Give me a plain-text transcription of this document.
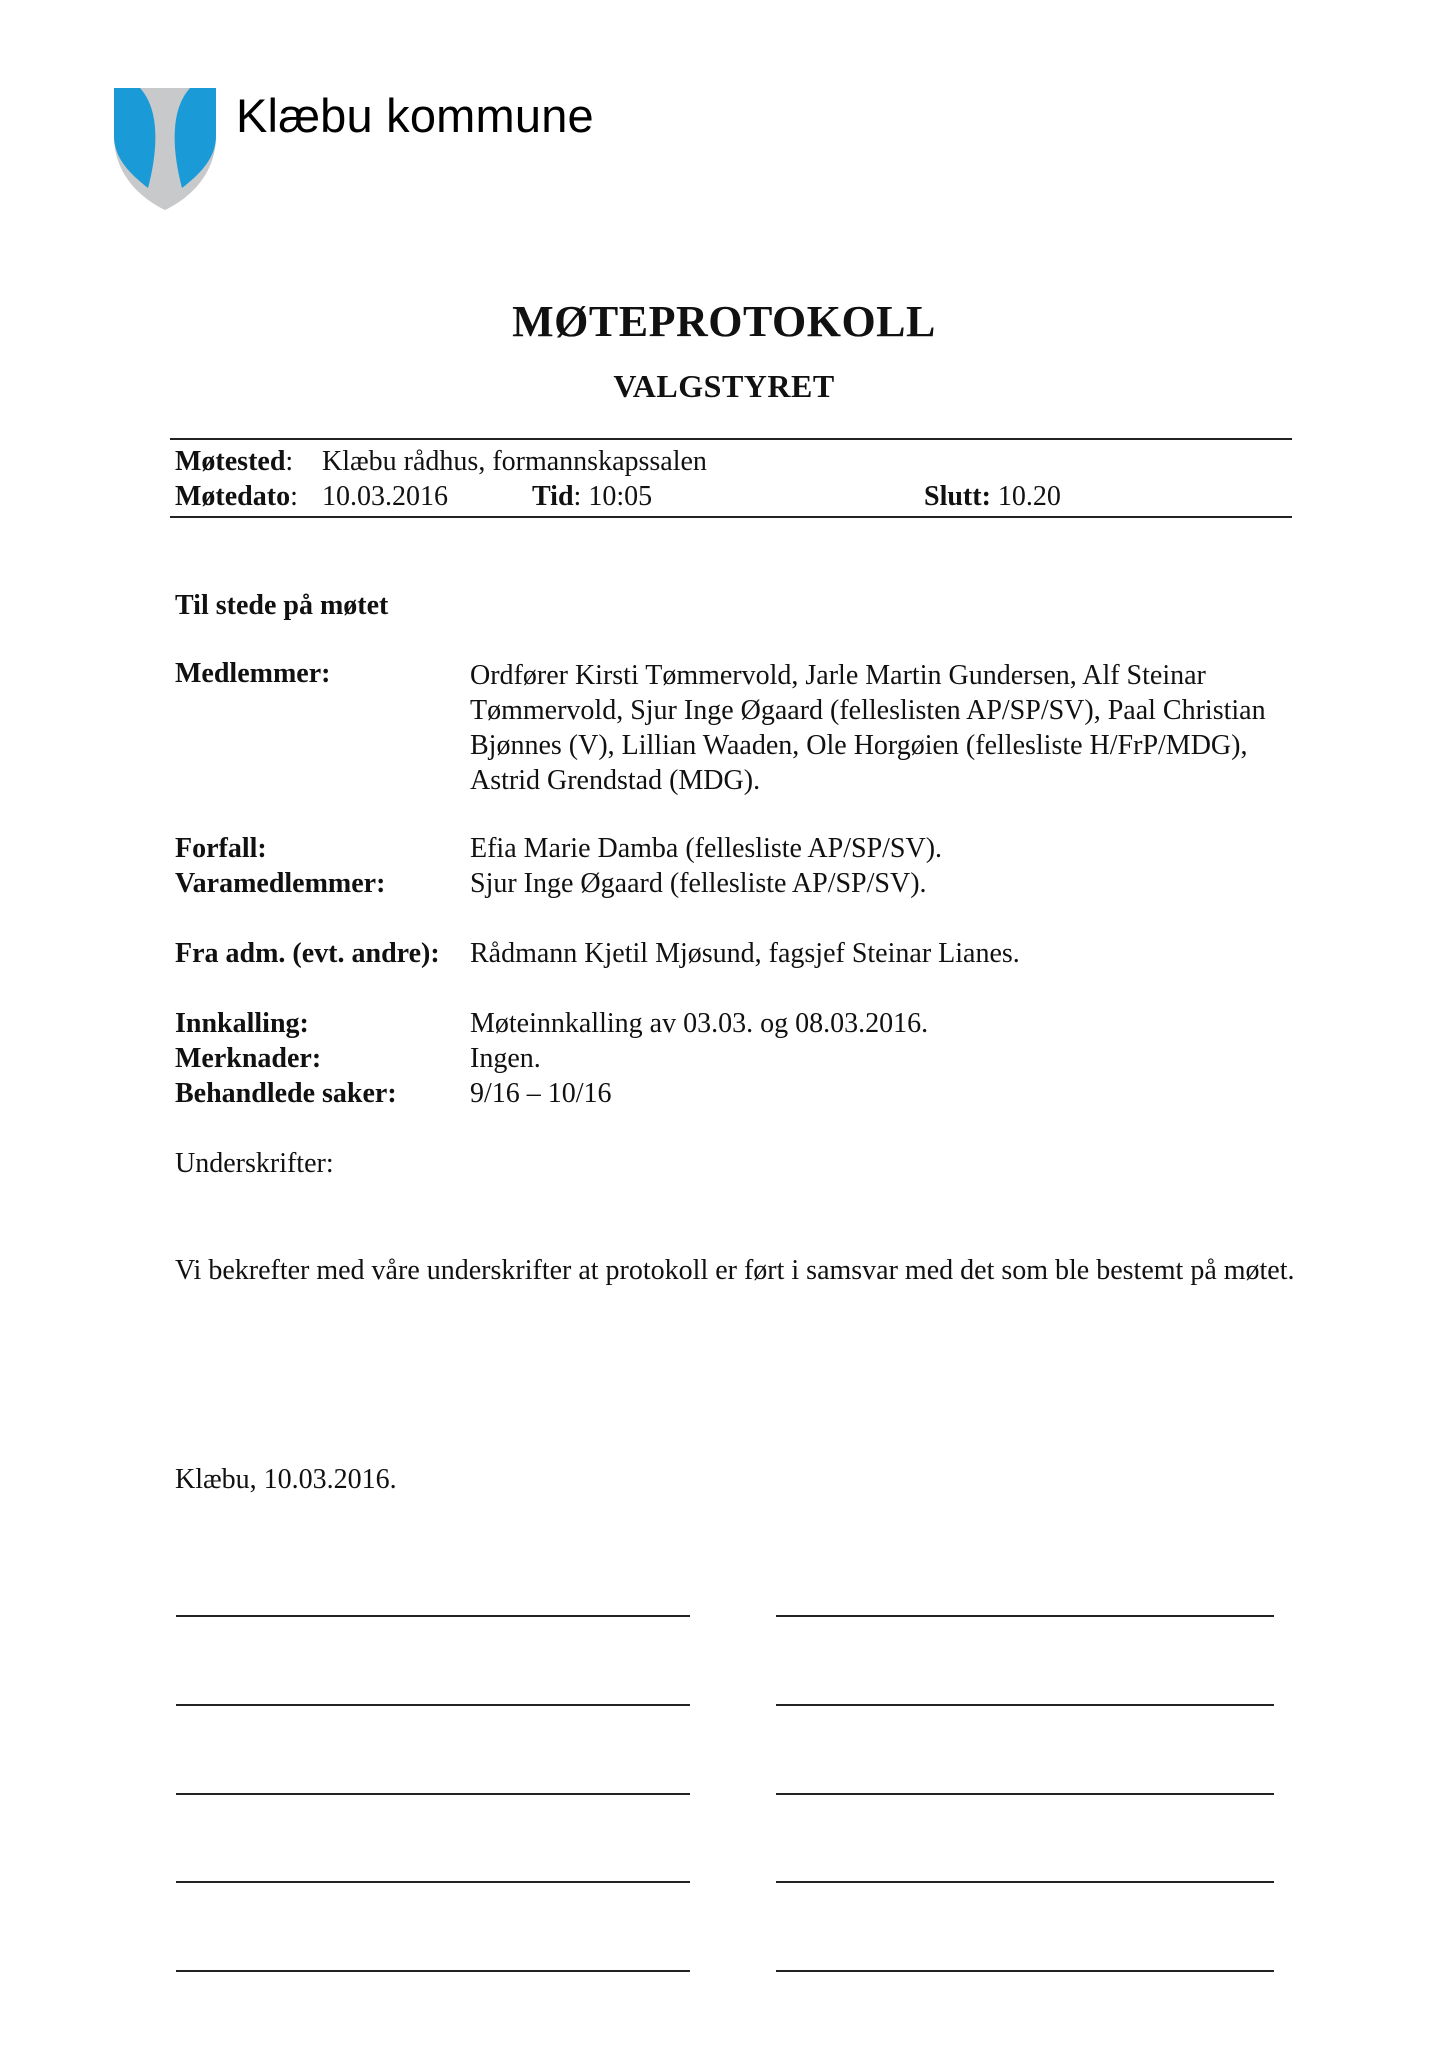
Klæbu kommune
MØTEPROTOKOLL
VALGSTYRET
Møtested: Klæbu rådhus, formannskapssalen
Møtedato: 10.03.2016	Tid: 10:05	Slutt: 10.20
Til stede på møtet
Medlemmer:	Ordfører Kirsti Tømmervold, Jarle Martin Gundersen, Alf Steinar Tømmervold, Sjur Inge Øgaard (felleslisten AP/SP/SV), Paal Christian Bjønnes (V), Lillian Waaden, Ole Horgøien (fellesliste H/FrP/MDG), Astrid Grendstad (MDG).
Forfall:	Efia Marie Damba (fellesliste AP/SP/SV).
Varamedlemmer:	Sjur Inge Øgaard (fellesliste AP/SP/SV).
Fra adm. (evt. andre): Rådmann Kjetil Mjøsund, fagsjef Steinar Lianes.
Innkalling:	Møteinnkalling av 03.03. og 08.03.2016.
Merknader:	Ingen.
Behandlede saker:	9/16 – 10/16
Underskrifter:
Vi bekrefter med våre underskrifter at protokoll er ført i samsvar med det som ble bestemt på møtet.
Klæbu, 10.03.2016.
